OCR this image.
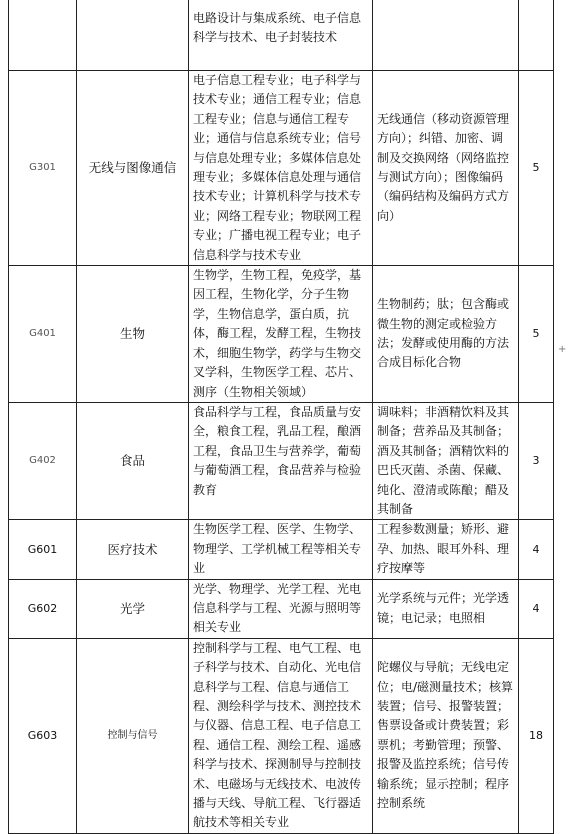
		电路设计与集成系统、电子信息科学与技术、电子封装技术		
G301	无线与图像通信	电子信息工程专业；电子科学与技术专业；通信工程专业；信息工程专业；信息与通信工程专业；通信与信息系统专业；信号与信息处理专业；多媒体信息处理专业；多媒体信息处理与通信技术专业；计算机科学与技术专业；网络工程专业；物联网工程专业；广播电视工程专业；电子信息科学与技术专业	无线通信（移动资源管理方向）；纠错、加密、调制及交换网络（网络监控与测试方向）；图像编码（编码结构及编码方式方向）	5
G401	生物	生物学，生物工程，免疫学，基因工程，生物化学，分子生物学，生物信息学，蛋白质，抗体，酶工程，发酵工程，生物技术，细胞生物学，药学与生物交叉学科，生物医学工程、芯片、测序（生物相关领域）	生物制药；肽；包含酶或微生物的测定或检验方法；发酵或使用酶的方法合成目标化合物	5
G402	食品	食品科学与工程，食品质量与安全，粮食工程，乳品工程，酿酒工程，食品卫生与营养学，葡萄与葡萄酒工程，食品营养与检验教育	调味料；非酒精饮料及其制备；营养品及其制备；酒及其制备；酒精饮料的巴氏灭菌、杀菌、保藏、纯化、澄清或陈酿；醋及其制备	3
G601	医疗技术	生物医学工程、医学、生物学、物理学、工学机械工程等相关专业	工程参数测量；矫形、避孕、加热、眼耳外科、理疗按摩等	4
G602	光学	光学、物理学、光学工程、光电信息科学与工程、光源与照明等相关专业	光学系统与元件；光学透镜；电记录；电照相	4
G603	控制与信号	控制科学与工程、电气工程、电子科学与技术、自动化、光电信息科学与工程、信息与通信工程、测绘科学与技术、测控技术与仪器、信息工程、电子信息工程、通信工程、测绘工程、遥感科学与技术、探测制导与控制技术、电磁场与无线技术、电波传播与天线、导航工程、飞行器适航技术等相关专业	陀螺仪与导航；无线电定位；电/磁测量技术；核算装置；信号、报警装置；售票设备或计费装置；彩票机；考勤管理；预警、报警及监控系统；信号传输系统；显示控制；程序控制系统	18
+
